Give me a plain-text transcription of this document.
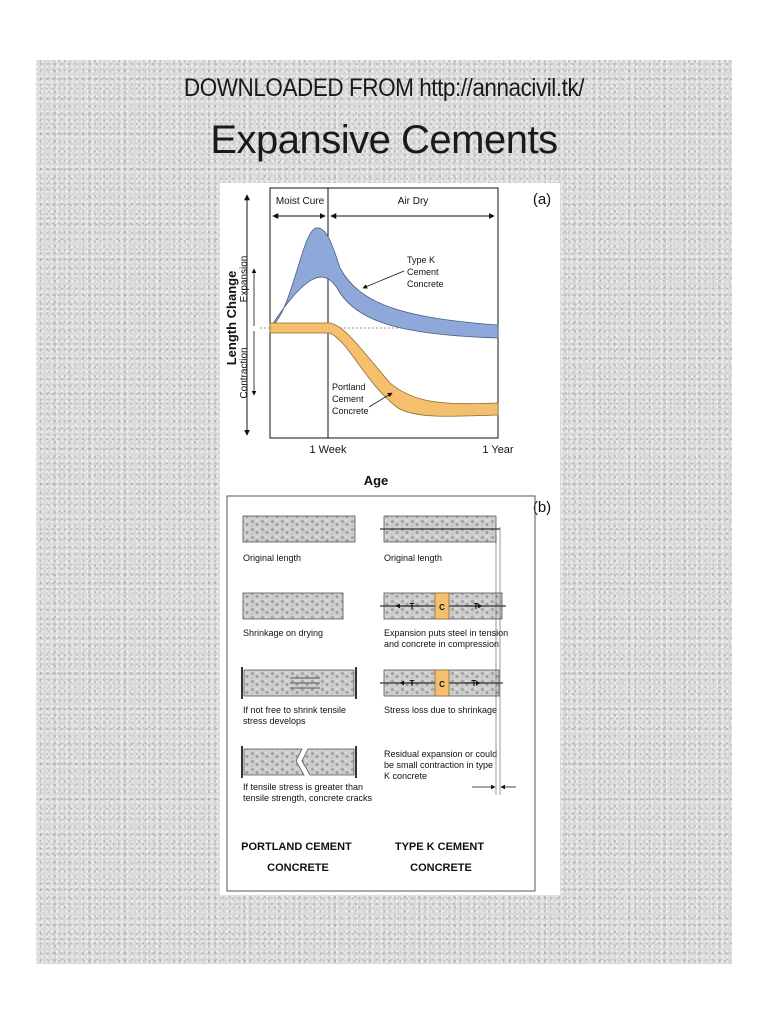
DOWNLOADED FROM http://annacivil.tk/
Expansive Cements
Moist Cure	Air Dry	(a)
Type K Cement Concrete
Portland Cement Concrete
Length Change Expansion
Contraction
1 Week	1 Year
Age
(b)
Original length
Shrinkage on drying
If not free to shrink tensile stress develops
If tensile stress is greater than tensile strength, concrete cracks
PORTLAND CEMENT CONCRETE
Original length
C
T	T
Expansion puts steel in tension and concrete in compression
C
T	T
Stress loss due to shrinkage
Residual expansion or could be small contraction in type K concrete
TYPE K CEMENT CONCRETE
